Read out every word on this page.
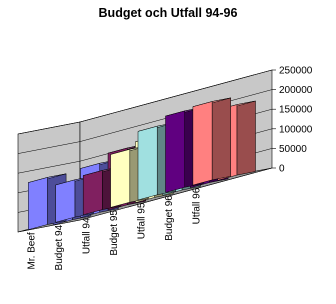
Budget och Utfall 94-96
0
50000
100000
150000
200000
250000
Mr. Beef Budget 94 Utfall 94 Budget 95 Utfall 95 Budget 96 Utfall 96
